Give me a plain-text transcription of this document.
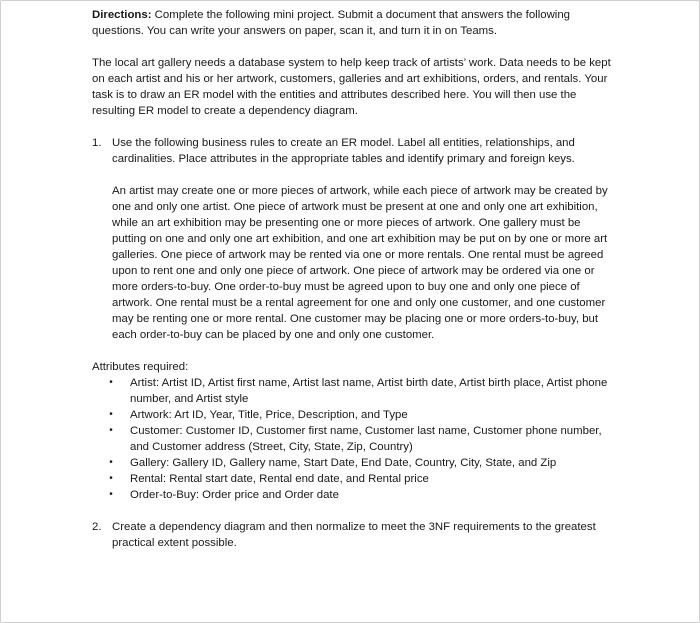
Directions: Complete the following mini project. Submit a document that answers the following questions. You can write your answers on paper, scan it, and turn it in on Teams.

The local art gallery needs a database system to help keep track of artists’ work. Data needs to be kept on each artist and his or her artwork, customers, galleries and art exhibitions, orders, and rentals. Your task is to draw an ER model with the entities and attributes described here. You will then use the resulting ER model to create a dependency diagram.

1. Use the following business rules to create an ER model. Label all entities, relationships, and cardinalities. Place attributes in the appropriate tables and identify primary and foreign keys.

An artist may create one or more pieces of artwork, while each piece of artwork may be created by one and only one artist. One piece of artwork must be present at one and only one art exhibition, while an art exhibition may be presenting one or more pieces of artwork. One gallery must be putting on one and only one art exhibition, and one art exhibition may be put on by one or more art galleries. One piece of artwork may be rented via one or more rentals. One rental must be agreed upon to rent one and only one piece of artwork. One piece of artwork may be ordered via one or more orders-to-buy. One order-to-buy must be agreed upon to buy one and only one piece of artwork. One rental must be a rental agreement for one and only one customer, and one customer may be renting one or more rental. One customer may be placing one or more orders-to-buy, but each order-to-buy can be placed by one and only one customer.

Attributes required:

•	Artist: Artist ID, Artist first name, Artist last name, Artist birth date, Artist birth place, Artist phone number, and Artist style
•	Artwork: Art ID, Year, Title, Price, Description, and Type
•	Customer: Customer ID, Customer first name, Customer last name, Customer phone number, and Customer address (Street, City, State, Zip, Country)
•	Gallery: Gallery ID, Gallery name, Start Date, End Date, Country, City, State, and Zip
•	Rental: Rental start date, Rental end date, and Rental price
•	Order-to-Buy: Order price and Order date
2. Create a dependency diagram and then normalize to meet the 3NF requirements to the greatest practical extent possible.
